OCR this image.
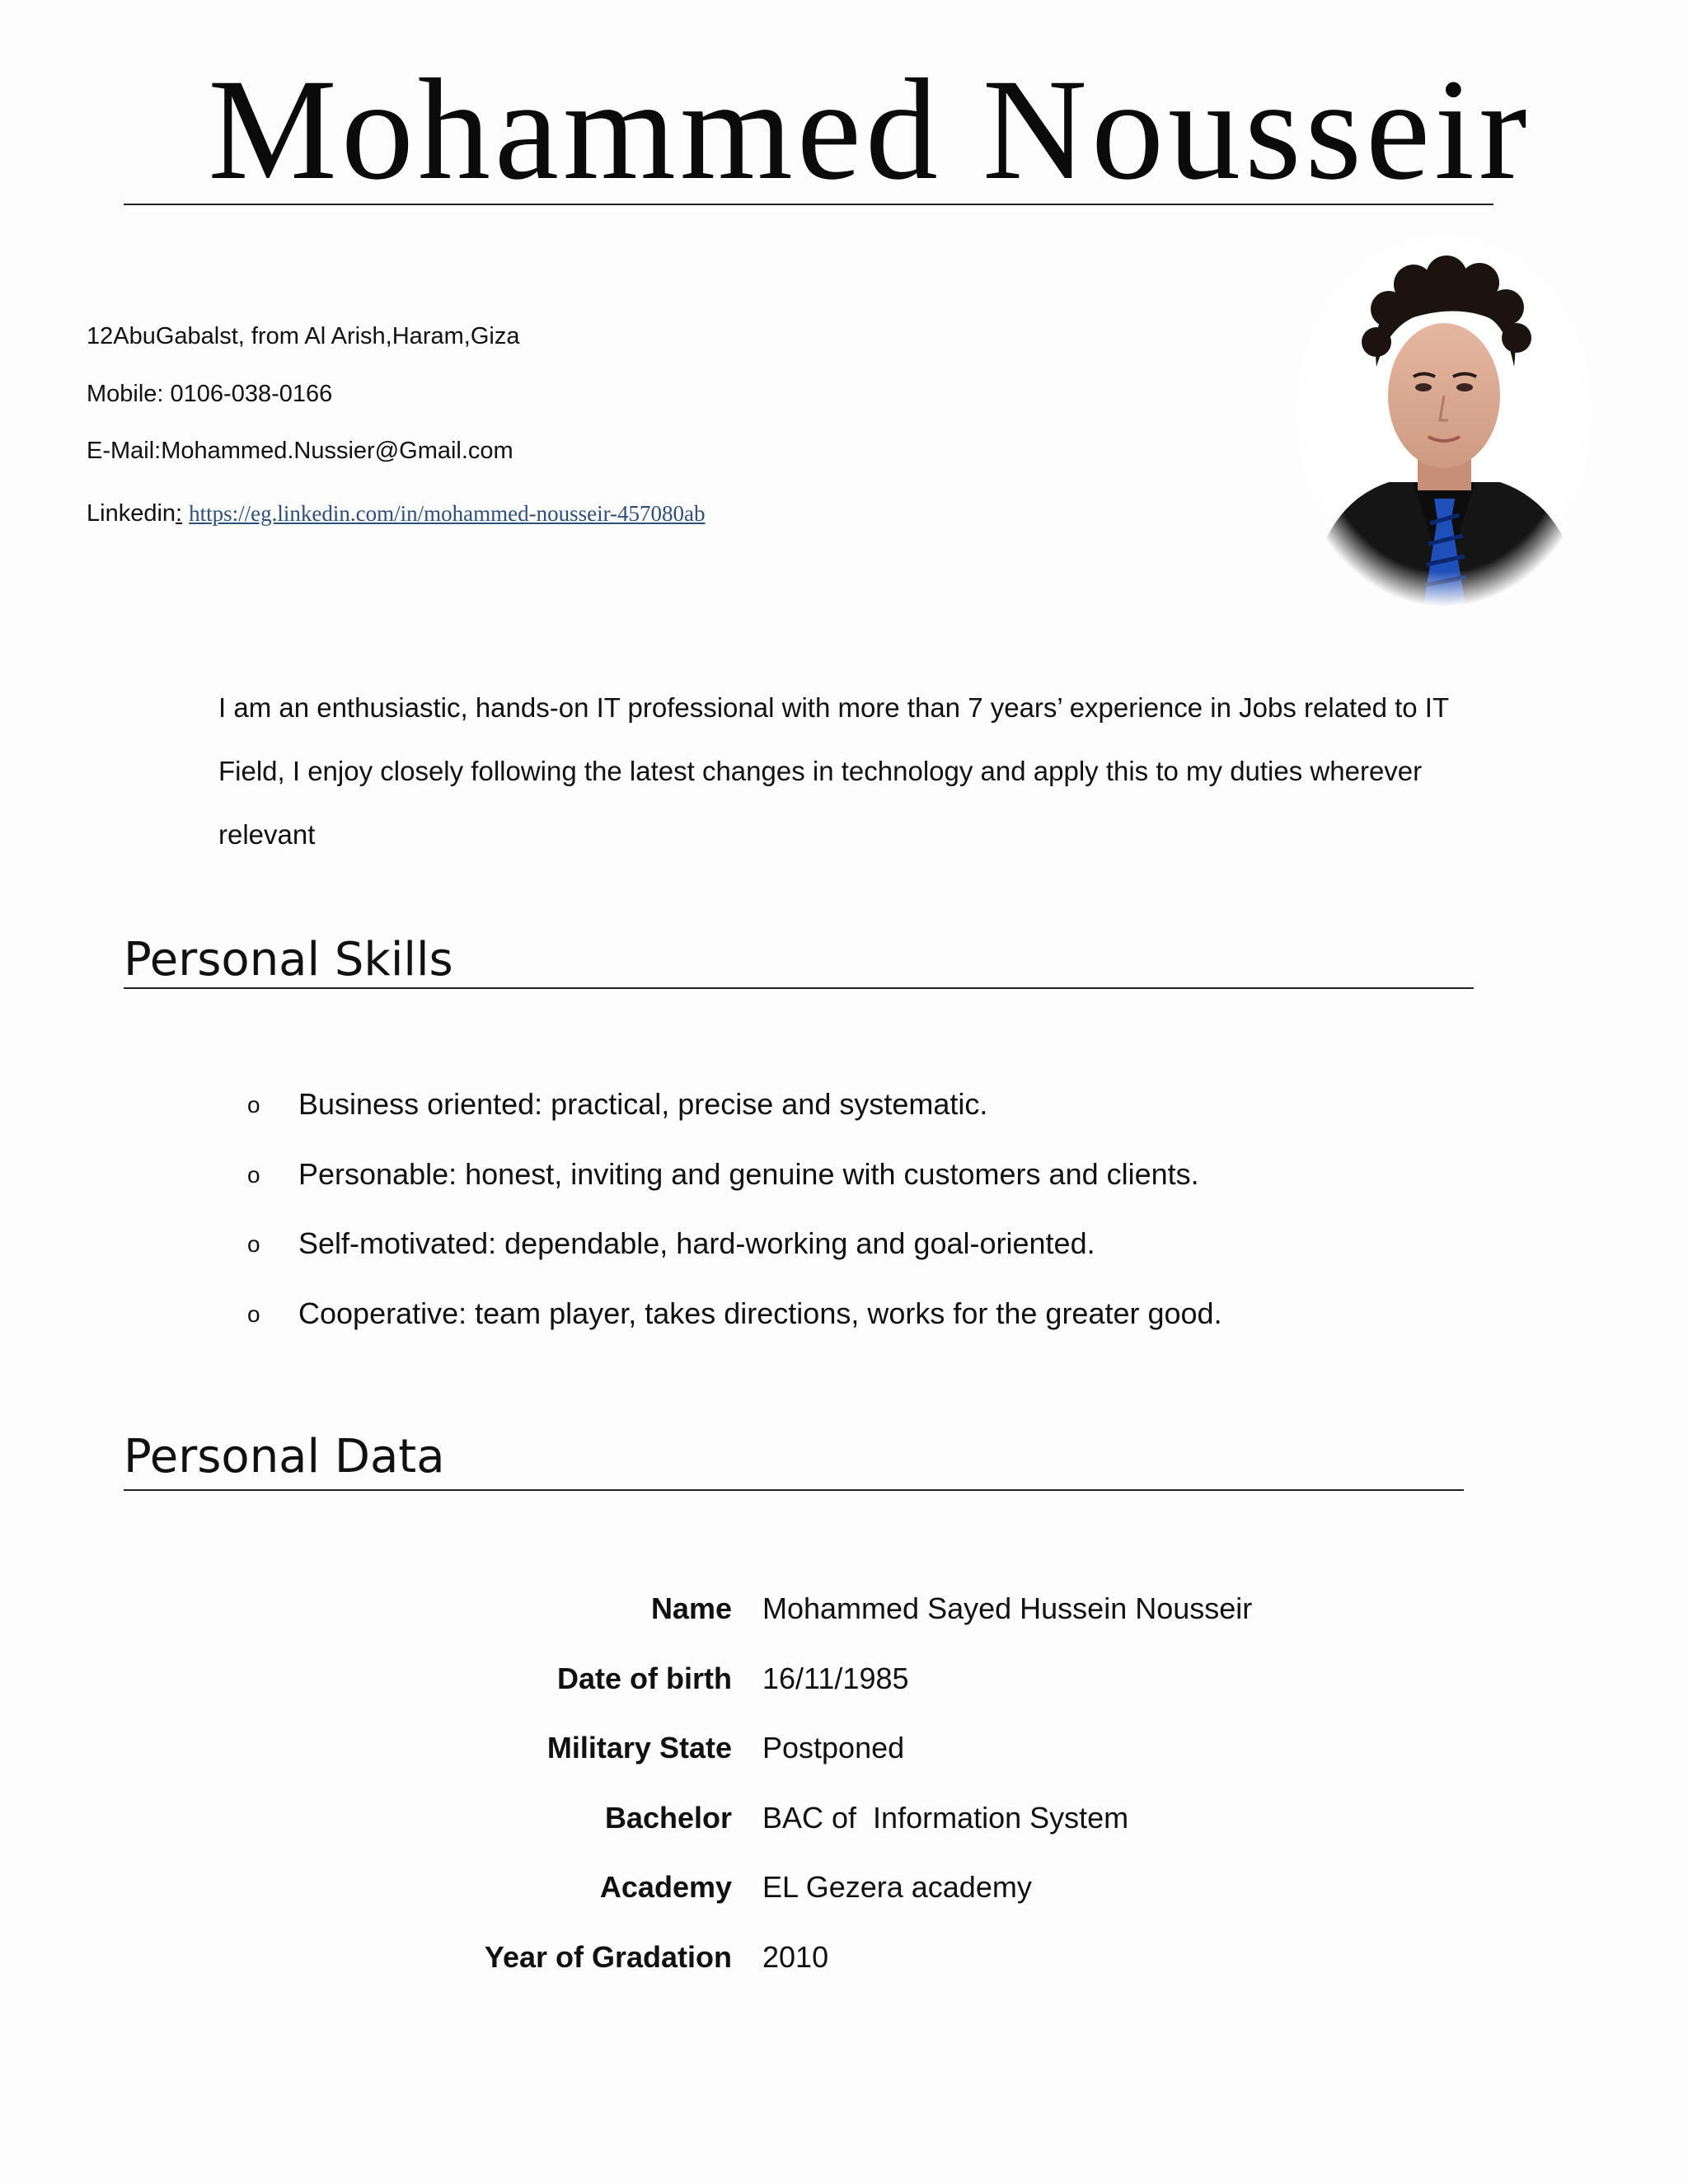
Mohammed Nousseir
12AbuGabalst, from Al Arish,Haram,Giza
Mobile: 0106-038-0166
E-Mail:Mohammed.Nussier@Gmail.com
Linkedin: https://eg.linkedin.com/in/mohammed-nousseir-457080ab

I am an enthusiastic, hands-on IT professional with more than 7 years’ experience in Jobs related to IT Field, I enjoy closely following the latest changes in technology and apply this to my duties wherever relevant

Personal Skills
o Business oriented: practical, precise and systematic.
o Personable: honest, inviting and genuine with customers and clients.
o Self-motivated: dependable, hard-working and goal-oriented.
o Cooperative: team player, takes directions, works for the greater good.
Personal Data
Name Mohammed Sayed Hussein Nousseir
Date of birth 16/11/1985
Military State Postponed
Bachelor BAC of  Information System
Academy EL Gezera academy
Year of Gradation 2010
